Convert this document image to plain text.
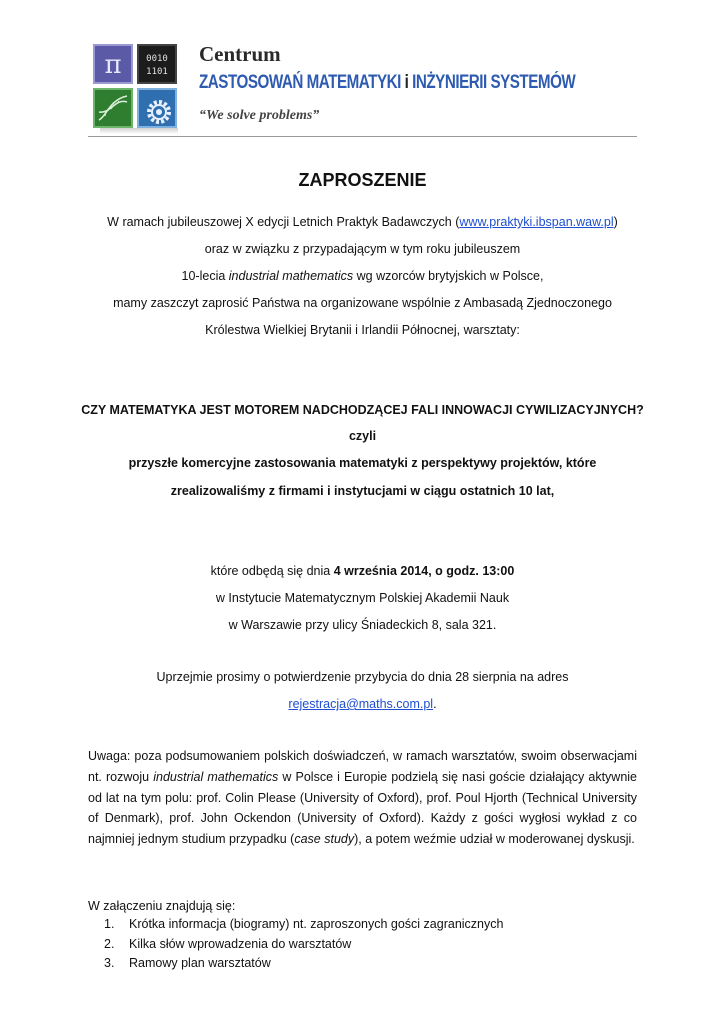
π	0010
1101
Centrum
ZASTOSOWAŃ MATEMATYKI i INŻYNIERII SYSTEMÓW
“We solve problems”
ZAPROSZENIE
W ramach jubileuszowej X edycji Letnich Praktyk Badawczych (www.praktyki.ibspan.waw.pl)
oraz w związku z przypadającym w tym roku jubileuszem
10-lecia industrial mathematics wg wzorców brytyjskich w Polsce,
mamy zaszczyt zaprosić Państwa na organizowane wspólnie z Ambasadą Zjednoczonego
Królestwa Wielkiej Brytanii i Irlandii Północnej, warsztaty:
CZY MATEMATYKA JEST MOTOREM NADCHODZĄCEJ FALI INNOWACJI CYWILIZACYJNYCH?
czyli
przyszłe komercyjne zastosowania matematyki z perspektywy projektów, które
zrealizowaliśmy z firmami i instytucjami w ciągu ostatnich 10 lat,
które odbędą się dnia 4 września 2014, o godz. 13:00
w Instytucie Matematycznym Polskiej Akademii Nauk
w Warszawie przy ulicy Śniadeckich 8, sala 321.
Uprzejmie prosimy o potwierdzenie przybycia do dnia 28 sierpnia na adres
rejestracja@maths.com.pl.
Uwaga: poza podsumowaniem polskich doświadczeń, w ramach warsztatów, swoim obserwacjami nt. rozwoju industrial mathematics w Polsce i Europie podzielą się nasi goście działający aktywnie od lat na tym polu: prof. Colin Please (University of Oxford), prof. Poul Hjorth (Technical University of Denmark), prof. John Ockendon (University of Oxford). Każdy z gości wygłosi wykład z co najmniej jednym studium przypadku (case study), a potem weźmie udział w moderowanej dyskusji.
W załączeniu znajdują się:
1. Krótka informacja (biogramy) nt. zaproszonych gości zagranicznych
2. Kilka słów wprowadzenia do warsztatów
3. Ramowy plan warsztatów
